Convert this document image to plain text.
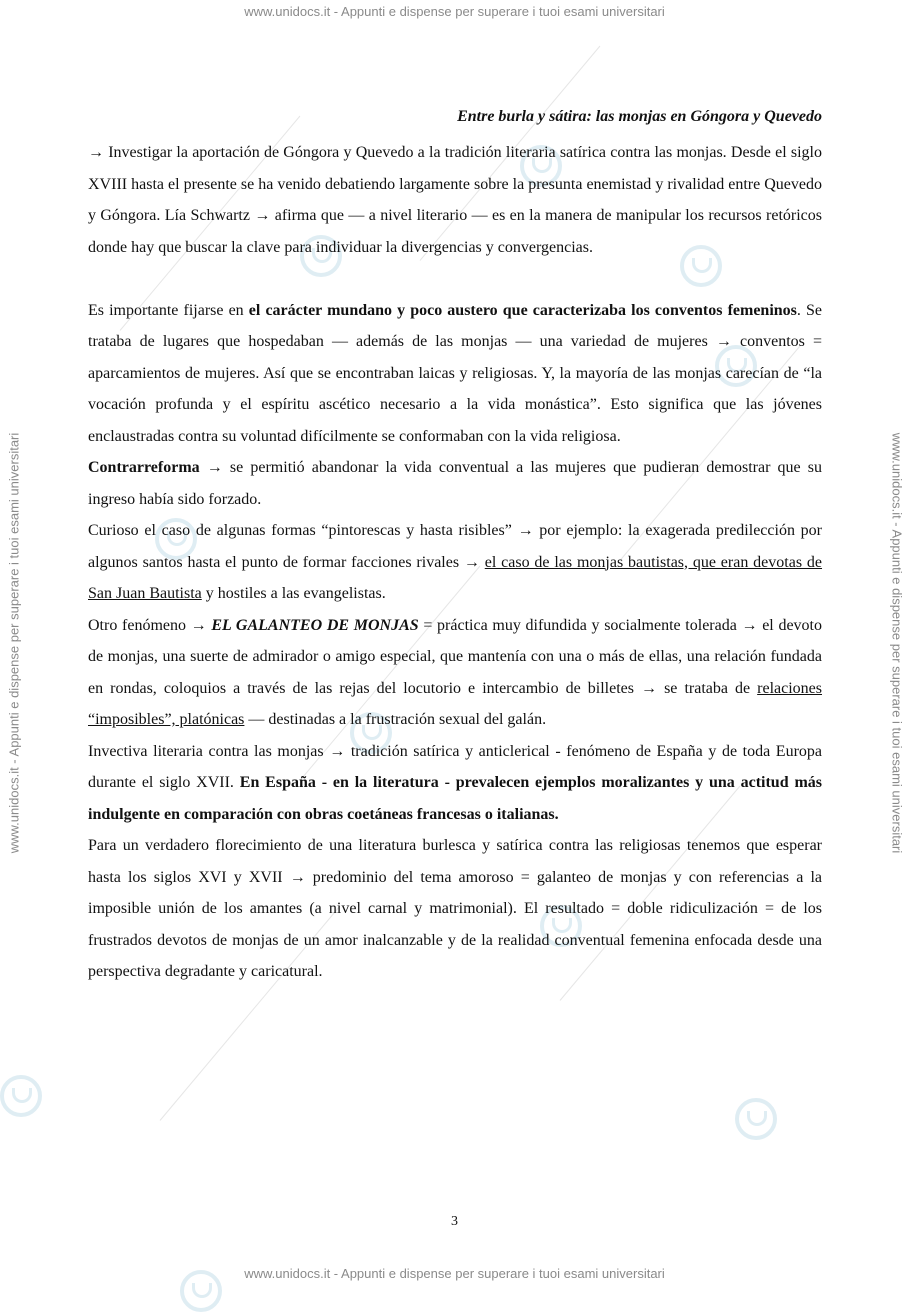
www.unidocs.it - Appunti e dispense per superare i tuoi esami universitari
www.unidocs.it - Appunti e dispense per superare i tuoi esami universitari
www.unidocs.it - Appunti e dispense per superare i tuoi esami universitari	www.unidocs.it - Appunti e dispense per superare i tuoi esami universitari
Entre burla y sátira: las monjas en Góngora y Quevedo

→ Investigar la aportación de Góngora y Quevedo a la tradición literaria satírica contra las monjas. Desde el siglo XVIII hasta el presente se ha venido debatiendo largamente sobre la presunta enemistad y rivalidad entre Quevedo y Góngora. Lía Schwartz → afirma que — a nivel literario — es en la manera de manipular los recursos retóricos donde hay que buscar la clave para individuar la divergencias y convergencias.

Es importante fijarse en el carácter mundano y poco austero que caracterizaba los conventos femeninos. Se trataba de lugares que hospedaban — además de las monjas — una variedad de mujeres → conventos = aparcamientos de mujeres. Así que se encontraban laicas y religiosas. Y, la mayoría de las monjas carecían de “la vocación profunda y el espíritu ascético necesario a la vida monástica”. Esto significa que las jóvenes enclaustradas contra su voluntad difícilmente se conformaban con la vida religiosa.

Contrarreforma → se permitió abandonar la vida conventual a las mujeres que pudieran demostrar que su ingreso había sido forzado.

Curioso el caso de algunas formas “pintorescas y hasta risibles” → por ejemplo: la exagerada predilección por algunos santos hasta el punto de formar facciones rivales → el caso de las monjas bautistas, que eran devotas de San Juan Bautista y hostiles a las evangelistas.

Otro fenómeno → EL GALANTEO DE MONJAS = práctica muy difundida y socialmente tolerada → el devoto de monjas, una suerte de admirador o amigo especial, que mantenía con una o más de ellas, una relación fundada en rondas, coloquios a través de las rejas del locutorio e intercambio de billetes → se trataba de relaciones “imposibles”, platónicas — destinadas a la frustración sexual del galán.

Invectiva literaria contra las monjas → tradición satírica y anticlerical - fenómeno de España y de toda Europa durante el siglo XVII. En España - en la literatura - prevalecen ejemplos moralizantes y una actitud más indulgente en comparación con obras coetáneas francesas o italianas.

Para un verdadero florecimiento de una literatura burlesca y satírica contra las religiosas tenemos que esperar hasta los siglos XVI y XVII → predominio del tema amoroso = galanteo de monjas y con referencias a la imposible unión de los amantes (a nivel carnal y matrimonial). El resultado = doble ridiculización = de los frustrados devotos de monjas de un amor inalcanzable y de la realidad conventual femenina enfocada desde una perspectiva degradante y caricatural.

3
